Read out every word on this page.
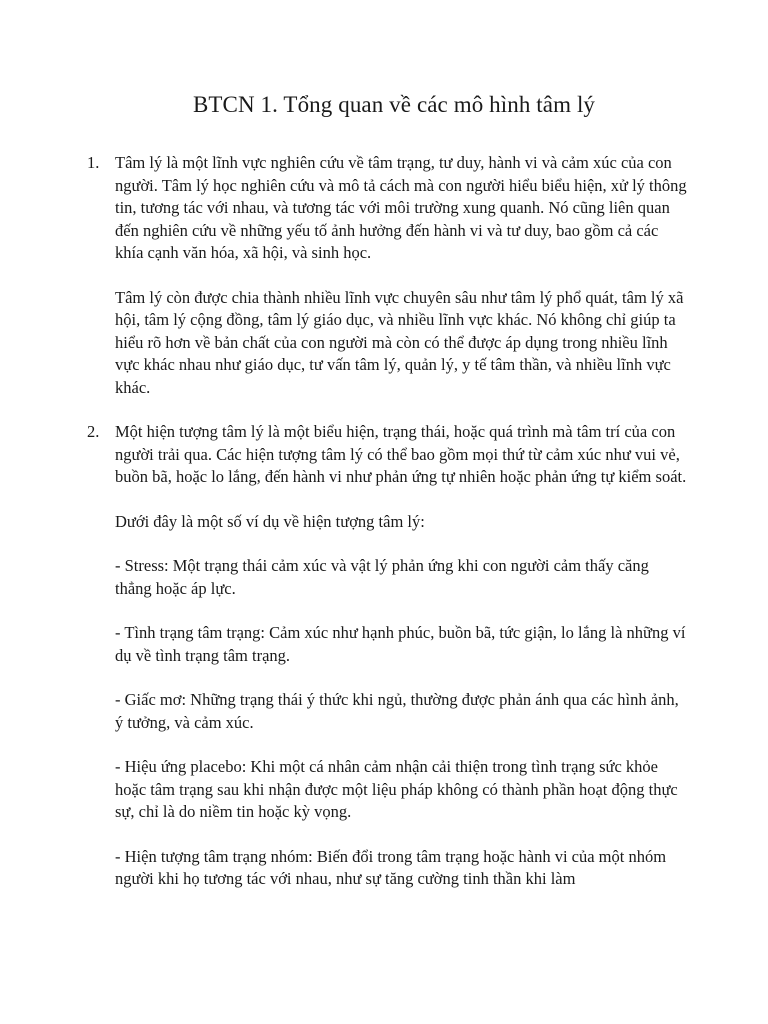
BTCN 1. Tổng quan về các mô hình tâm lý
1. Tâm lý là một lĩnh vực nghiên cứu về tâm trạng, tư duy, hành vi và cảm xúc của con người. Tâm lý học nghiên cứu và mô tả cách mà con người hiểu biểu hiện, xử lý thông tin, tương tác với nhau, và tương tác với môi trường xung quanh. Nó cũng liên quan đến nghiên cứu về những yếu tố ảnh hưởng đến hành vi và tư duy, bao gồm cả các khía cạnh văn hóa, xã hội, và sinh học.

Tâm lý còn được chia thành nhiều lĩnh vực chuyên sâu như tâm lý phổ quát, tâm lý xã hội, tâm lý cộng đồng, tâm lý giáo dục, và nhiều lĩnh vực khác. Nó không chỉ giúp ta hiểu rõ hơn về bản chất của con người mà còn có thể được áp dụng trong nhiều lĩnh vực khác nhau như giáo dục, tư vấn tâm lý, quản lý, y tế tâm thần, và nhiều lĩnh vực khác.

2. Một hiện tượng tâm lý là một biểu hiện, trạng thái, hoặc quá trình mà tâm trí của con người trải qua. Các hiện tượng tâm lý có thể bao gồm mọi thứ từ cảm xúc như vui vẻ, buồn bã, hoặc lo lắng, đến hành vi như phản ứng tự nhiên hoặc phản ứng tự kiểm soát.

Dưới đây là một số ví dụ về hiện tượng tâm lý:

- Stress: Một trạng thái cảm xúc và vật lý phản ứng khi con người cảm thấy căng thẳng hoặc áp lực.

- Tình trạng tâm trạng: Cảm xúc như hạnh phúc, buồn bã, tức giận, lo lắng là những ví dụ về tình trạng tâm trạng.

- Giấc mơ: Những trạng thái ý thức khi ngủ, thường được phản ánh qua các hình ảnh, ý tưởng, và cảm xúc.

- Hiệu ứng placebo: Khi một cá nhân cảm nhận cải thiện trong tình trạng sức khỏe hoặc tâm trạng sau khi nhận được một liệu pháp không có thành phần hoạt động thực sự, chỉ là do niềm tin hoặc kỳ vọng.

- Hiện tượng tâm trạng nhóm: Biến đổi trong tâm trạng hoặc hành vi của một nhóm người khi họ tương tác với nhau, như sự tăng cường tinh thần khi làm
